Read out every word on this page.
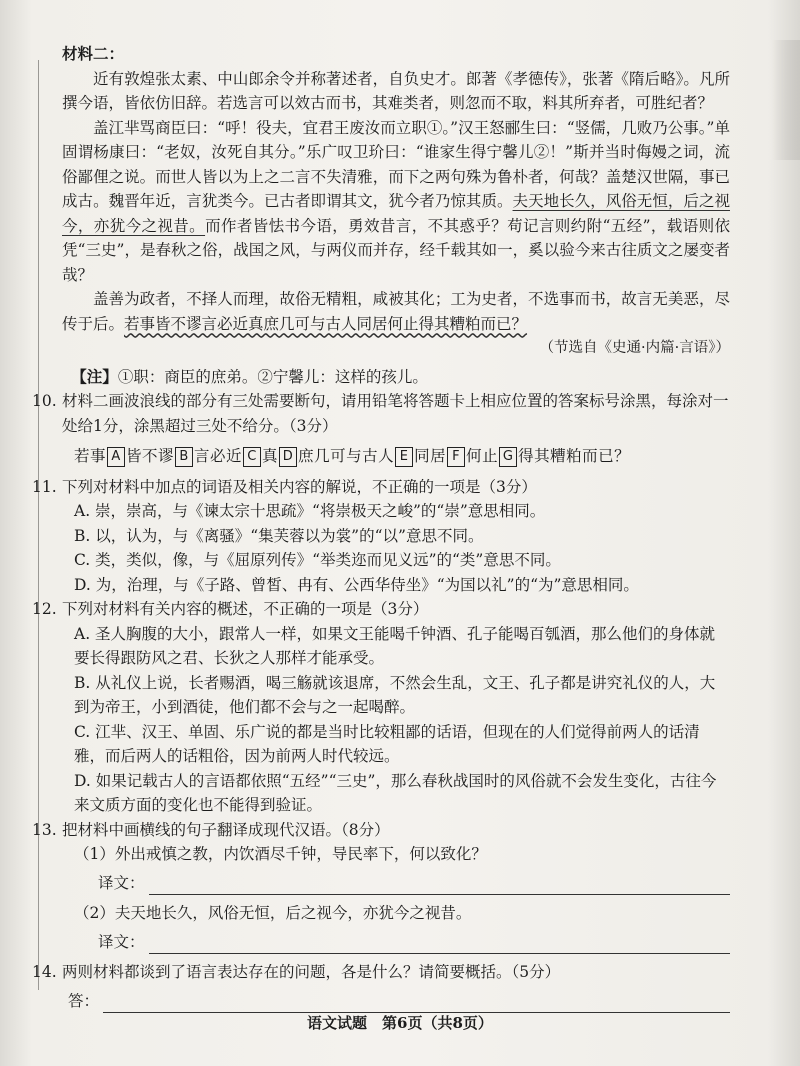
材料二：

近有敦煌张太素、中山郎余令并称著述者，自负史才。郎著《孝德传》，张著《隋后略》。凡所撰今语，皆依仿旧辞。若选言可以效古而书，其难类者，则忽而不取，料其所弃者，可胜纪者？

盖江芈骂商臣曰：“呼！役夫，宜君王废汝而立职①。”汉王怒郦生曰：“竖儒，几败乃公事。”单固谓杨康曰：“老奴，汝死自其分。”乐广叹卫玠曰：“谁家生得宁馨儿②！”斯并当时侮嫚之词，流俗鄙俚之说。而世人皆以为上之二言不失清雅，而下之两句殊为鲁朴者，何哉？盖楚汉世隔，事已成古。魏晋年近，言犹类今。已古者即谓其文，犹今者乃惊其质。夫天地长久，风俗无恒，后之视今，亦犹今之视昔。而作者皆怯书今语，勇效昔言，不其惑乎？苟记言则约附“五经”，载语则依凭“三史”，是春秋之俗，战国之风，与两仪而并存，经千载其如一，奚以验今来古往质文之屡变者哉？

盖善为政者，不择人而理，故俗无精粗，咸被其化；工为史者，不选事而书，故言无美恶，尽传于后。若事皆不谬言必近真庶几可与古人同居何止得其糟粕而已？

（节选自《史通·内篇·言语》）

【注】①职：商臣的庶弟。②宁馨儿：这样的孩儿。

10. 材料二画波浪线的部分有三处需要断句，请用铅笔将答题卡上相应位置的答案标号涂黑，每涂对一处给1分，涂黑超过三处不给分。（3分）

若事 A 皆不谬 B 言必近 C 真 D 庶几可与古人 E 同居 F 何止 G 得其糟粕而已？

11. 下列对材料中加点的词语及相关内容的解说，不正确的一项是（3分）

A. 崇，崇高，与《谏太宗十思疏》“将崇极天之峻”的“崇”意思相同。

B. 以，认为，与《离骚》“集芙蓉以为裳”的“以”意思不同。

C. 类，类似，像，与《屈原列传》“举类迩而见义远”的“类”意思不同。

D. 为，治理，与《子路、曾皙、冉有、公西华侍坐》“为国以礼”的“为”意思相同。

12. 下列对材料有关内容的概述，不正确的一项是（3分）

A. 圣人胸腹的大小，跟常人一样，如果文王能喝千钟酒、孔子能喝百瓠酒，那么他们的身体就要长得跟防风之君、长狄之人那样才能承受。

B. 从礼仪上说，长者赐酒，喝三觞就该退席，不然会生乱，文王、孔子都是讲究礼仪的人，大到为帝王，小到酒徒，他们都不会与之一起喝醉。

C. 江芈、汉王、单固、乐广说的都是当时比较粗鄙的话语，但现在的人们觉得前两人的话清雅，而后两人的话粗俗，因为前两人时代较远。

D. 如果记载古人的言语都依照“五经”“三史”，那么春秋战国时的风俗就不会发生变化，古往今来文质方面的变化也不能得到验证。

13. 把材料中画横线的句子翻译成现代汉语。（8分）

（1）外出戒慎之教，内饮酒尽千钟，导民率下，何以致化？

译文：

（2）夫天地长久，风俗无恒，后之视今，亦犹今之视昔。

译文：
14. 两则材料都谈到了语言表达存在的问题，各是什么？请简要概括。（5分）

答：
语文试题　第6页（共8页）
